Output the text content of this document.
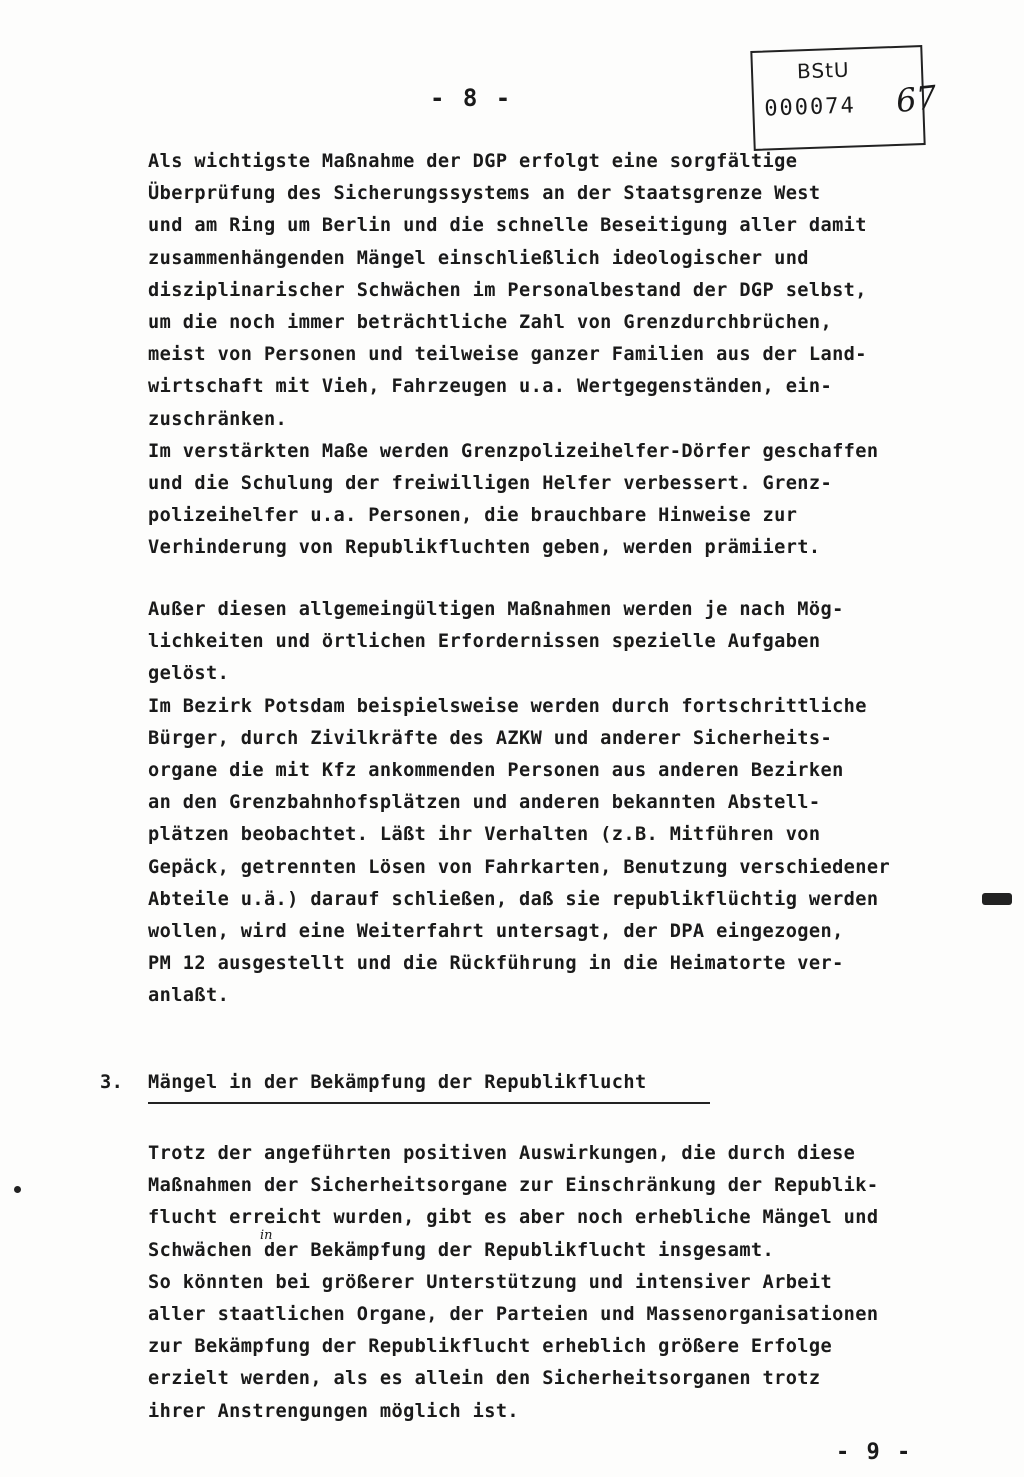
- 8 -
BStU
000074 67
Als wichtigste Maßnahme der DGP erfolgt eine sorgfältige
Überprüfung des Sicherungssystems an der Staatsgrenze West
und am Ring um Berlin und die schnelle Beseitigung aller damit
zusammenhängenden Mängel einschließlich ideologischer und
disziplinarischer Schwächen im Personalbestand der DGP selbst,
um die noch immer beträchtliche Zahl von Grenzdurchbrüchen,
meist von Personen und teilweise ganzer Familien aus der Land-
wirtschaft mit Vieh, Fahrzeugen u.a. Wertgegenständen, ein-
zuschränken.
Im verstärkten Maße werden Grenzpolizeihelfer-Dörfer geschaffen
und die Schulung der freiwilligen Helfer verbessert. Grenz-
polizeihelfer u.a. Personen, die brauchbare Hinweise zur
Verhinderung von Republikfluchten geben, werden prämiiert.
Außer diesen allgemeingültigen Maßnahmen werden je nach Mög-
lichkeiten und örtlichen Erfordernissen spezielle Aufgaben
gelöst.
Im Bezirk Potsdam beispielsweise werden durch fortschrittliche
Bürger, durch Zivilkräfte des AZKW und anderer Sicherheits-
organe die mit Kfz ankommenden Personen aus anderen Bezirken
an den Grenzbahnhofsplätzen und anderen bekannten Abstell-
plätzen beobachtet. Läßt ihr Verhalten (z.B. Mitführen von
Gepäck, getrennten Lösen von Fahrkarten, Benutzung verschiedener
Abteile u.ä.) darauf schließen, daß sie republikflüchtig werden
wollen, wird eine Weiterfahrt untersagt, der DPA eingezogen,
PM 12 ausgestellt und die Rückführung in die Heimatorte ver-
anlaßt.
3. Mängel in der Bekämpfung der Republikflucht
Trotz der angeführten positiven Auswirkungen, die durch diese
Maßnahmen der Sicherheitsorgane zur Einschränkung der Republik-
flucht erreicht wurden, gibt es aber noch erhebliche Mängel und
Schwächen der Bekämpfung der Republikflucht insgesamt.
So könnten bei größerer Unterstützung und intensiver Arbeit
aller staatlichen Organe, der Parteien und Massenorganisationen
zur Bekämpfung der Republikflucht erheblich größere Erfolge
erzielt werden, als es allein den Sicherheitsorganen trotz
ihrer Anstrengungen möglich ist.
in
- 9 -
